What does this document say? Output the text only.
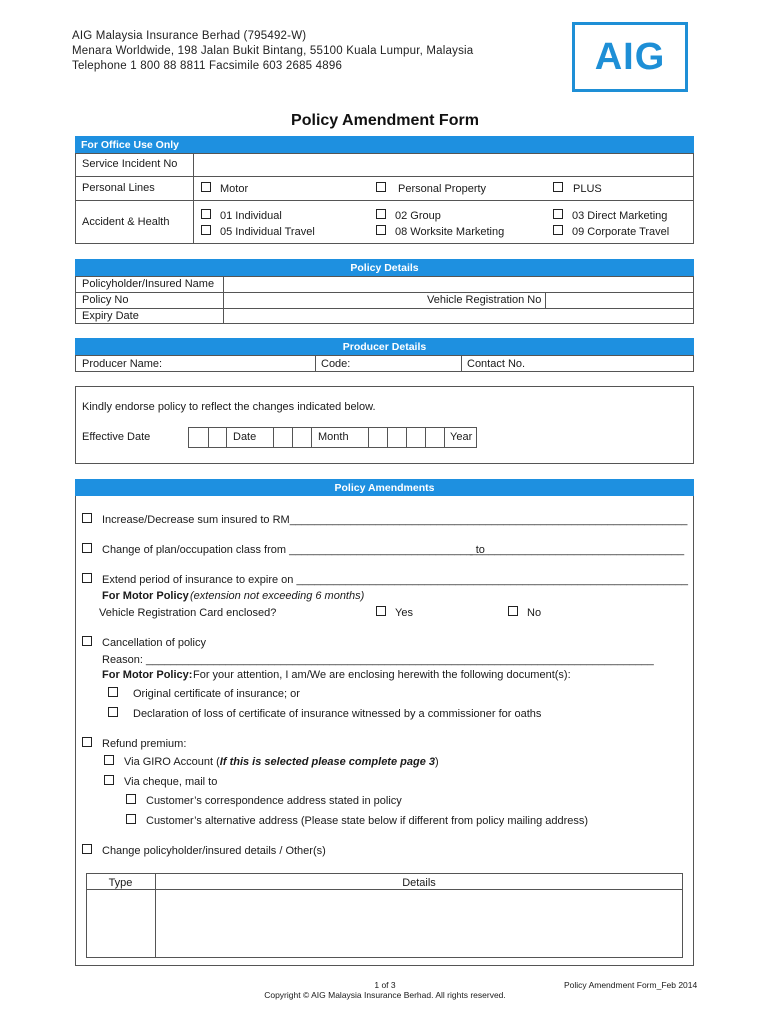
AIG Malaysia Insurance Berhad (795492-W)
Menara Worldwide, 198 Jalan Bukit Bintang, 55100 Kuala Lumpur, Malaysia
Telephone 1 800 88 8811 Facsimile 603 2685 4896	AIG
Policy Amendment Form
For Office Use Only
Service Incident No
Personal Lines	Motor	Personal Property	PLUS
Accident & Health	01 Individual	02 Group	03 Direct Marketing
05 Individual Travel	08 Worksite Marketing	09 Corporate Travel
Policy Details
Policyholder/Insured Name
Policy No	Vehicle Registration No
Expiry Date
Producer Details
Producer Name:	Code:	Contact No.
Kindly endorse policy to reflect the changes indicated below.
Effective Date	Date	Month	Year
Policy Amendments
Increase/Decrease sum insured to RM_________________________________________________________________
Change of plan/occupation class from ______________________________ to
___________________________________
Extend period of insurance to expire on ________________________________________________________________
For Motor Policy (extension not exceeding 6 months)
Vehicle Registration Card enclosed?	Yes	No
Cancellation of policy
Reason: ___________________________________________________________________________________
For Motor Policy: For your attention, I am/We are enclosing herewith the following document(s):
Original certificate of insurance; or
Declaration of loss of certificate of insurance witnessed by a commissioner for oaths
Refund premium:
Via GIRO Account (If this is selected please complete page 3)
Via cheque, mail to
Customer’s correspondence address stated in policy
Customer’s alternative address (Please state below if different from policy mailing address)
Change policyholder/insured details / Other(s)
Type	Details
1 of 3
Copyright © AIG Malaysia Insurance Berhad. All rights reserved.
Policy Amendment Form_Feb 2014
